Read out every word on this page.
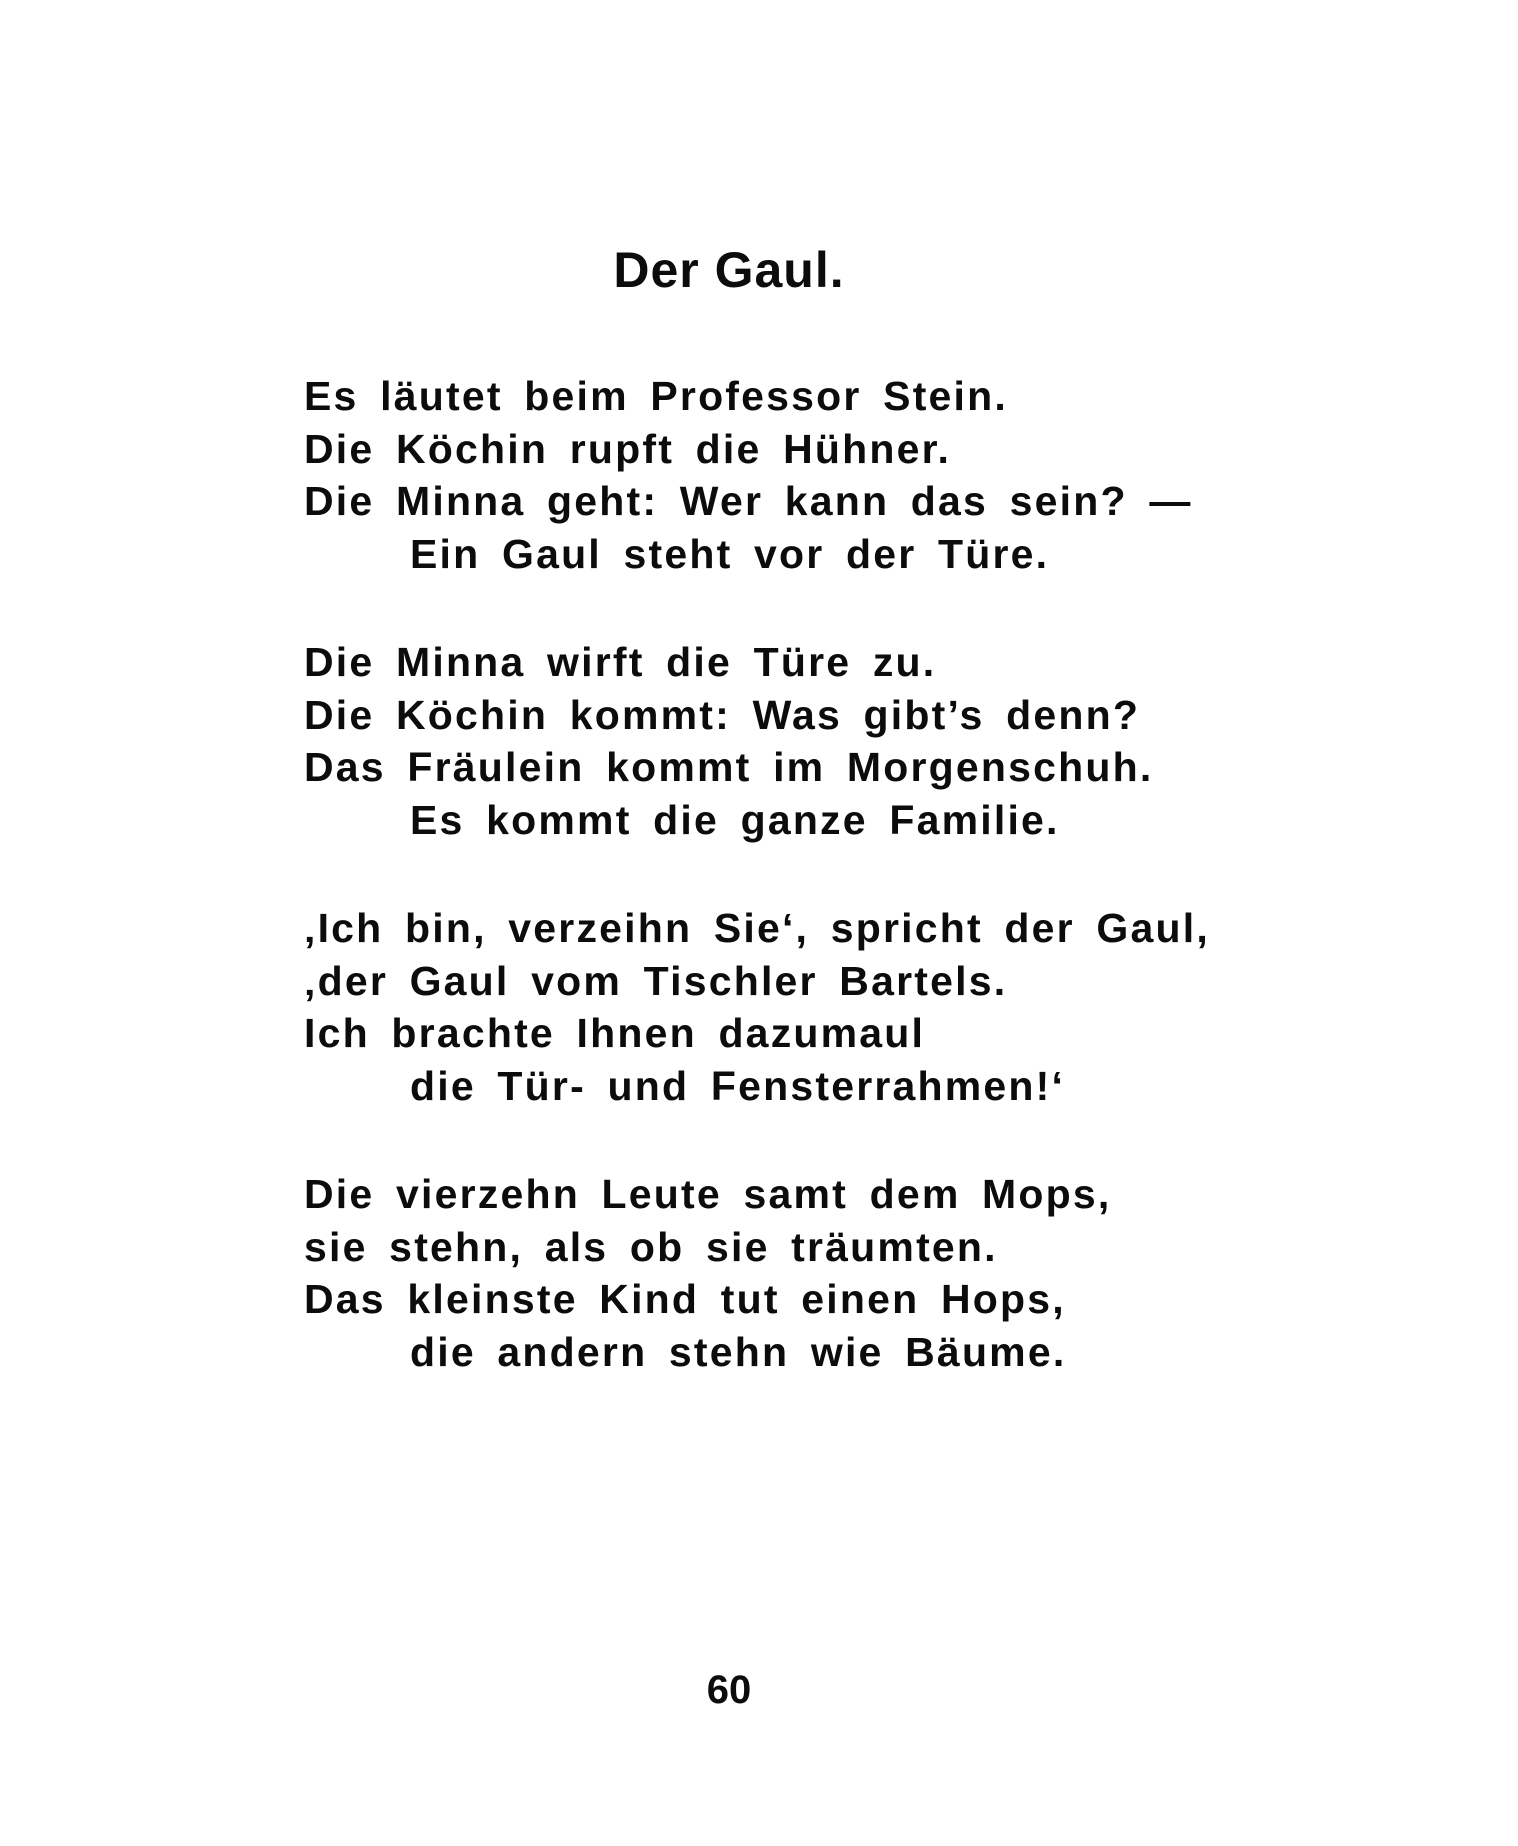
Der Gaul.
Es läutet beim Professor Stein.
Die Köchin rupft die Hühner.
Die Minna geht: Wer kann das sein? —
Ein Gaul steht vor der Türe.
Die Minna wirft die Türe zu.
Die Köchin kommt: Was gibt’s denn?
Das Fräulein kommt im Morgenschuh.
Es kommt die ganze Familie.
‚Ich bin, verzeihn Sie‘, spricht der Gaul,
‚der Gaul vom Tischler Bartels.
Ich brachte Ihnen dazumaul
die Tür- und Fensterrahmen!‘
Die vierzehn Leute samt dem Mops,
sie stehn, als ob sie träumten.
Das kleinste Kind tut einen Hops,
die andern stehn wie Bäume.
60
